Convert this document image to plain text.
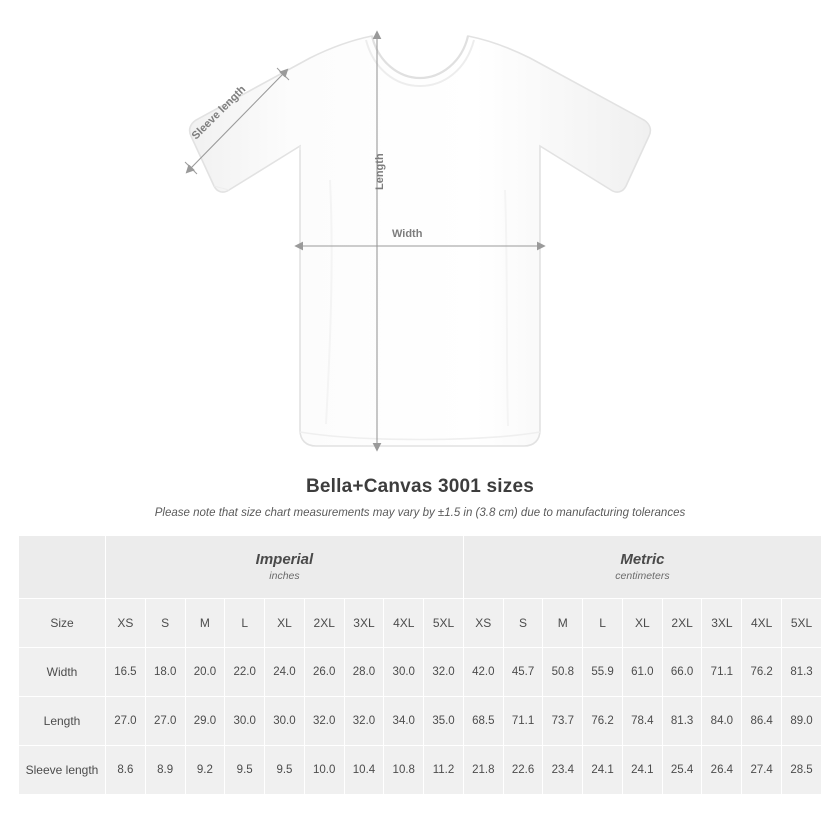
Sleeve length
Length
Width
Bella+Canvas 3001 sizes

Please note that size chart measurements may vary by ±1.5 in (3.8 cm) due to manufacturing tolerances

	Imperial
inches									Metric
centimeters								

Size	XS	S	M	L	XL	2XL	3XL	4XL	5XL	XS	S	M	L	XL	2XL	3XL	4XL	5XL
Width	16.5	18.0	20.0	22.0	24.0	26.0	28.0	30.0	32.0	42.0	45.7	50.8	55.9	61.0	66.0	71.1	76.2	81.3
Length	27.0	27.0	29.0	30.0	30.0	32.0	32.0	34.0	35.0	68.5	71.1	73.7	76.2	78.4	81.3	84.0	86.4	89.0
Sleeve length	8.6	8.9	9.2	9.5	9.5	10.0	10.4	10.8	11.2	21.8	22.6	23.4	24.1	24.1	25.4	26.4	27.4	28.5
